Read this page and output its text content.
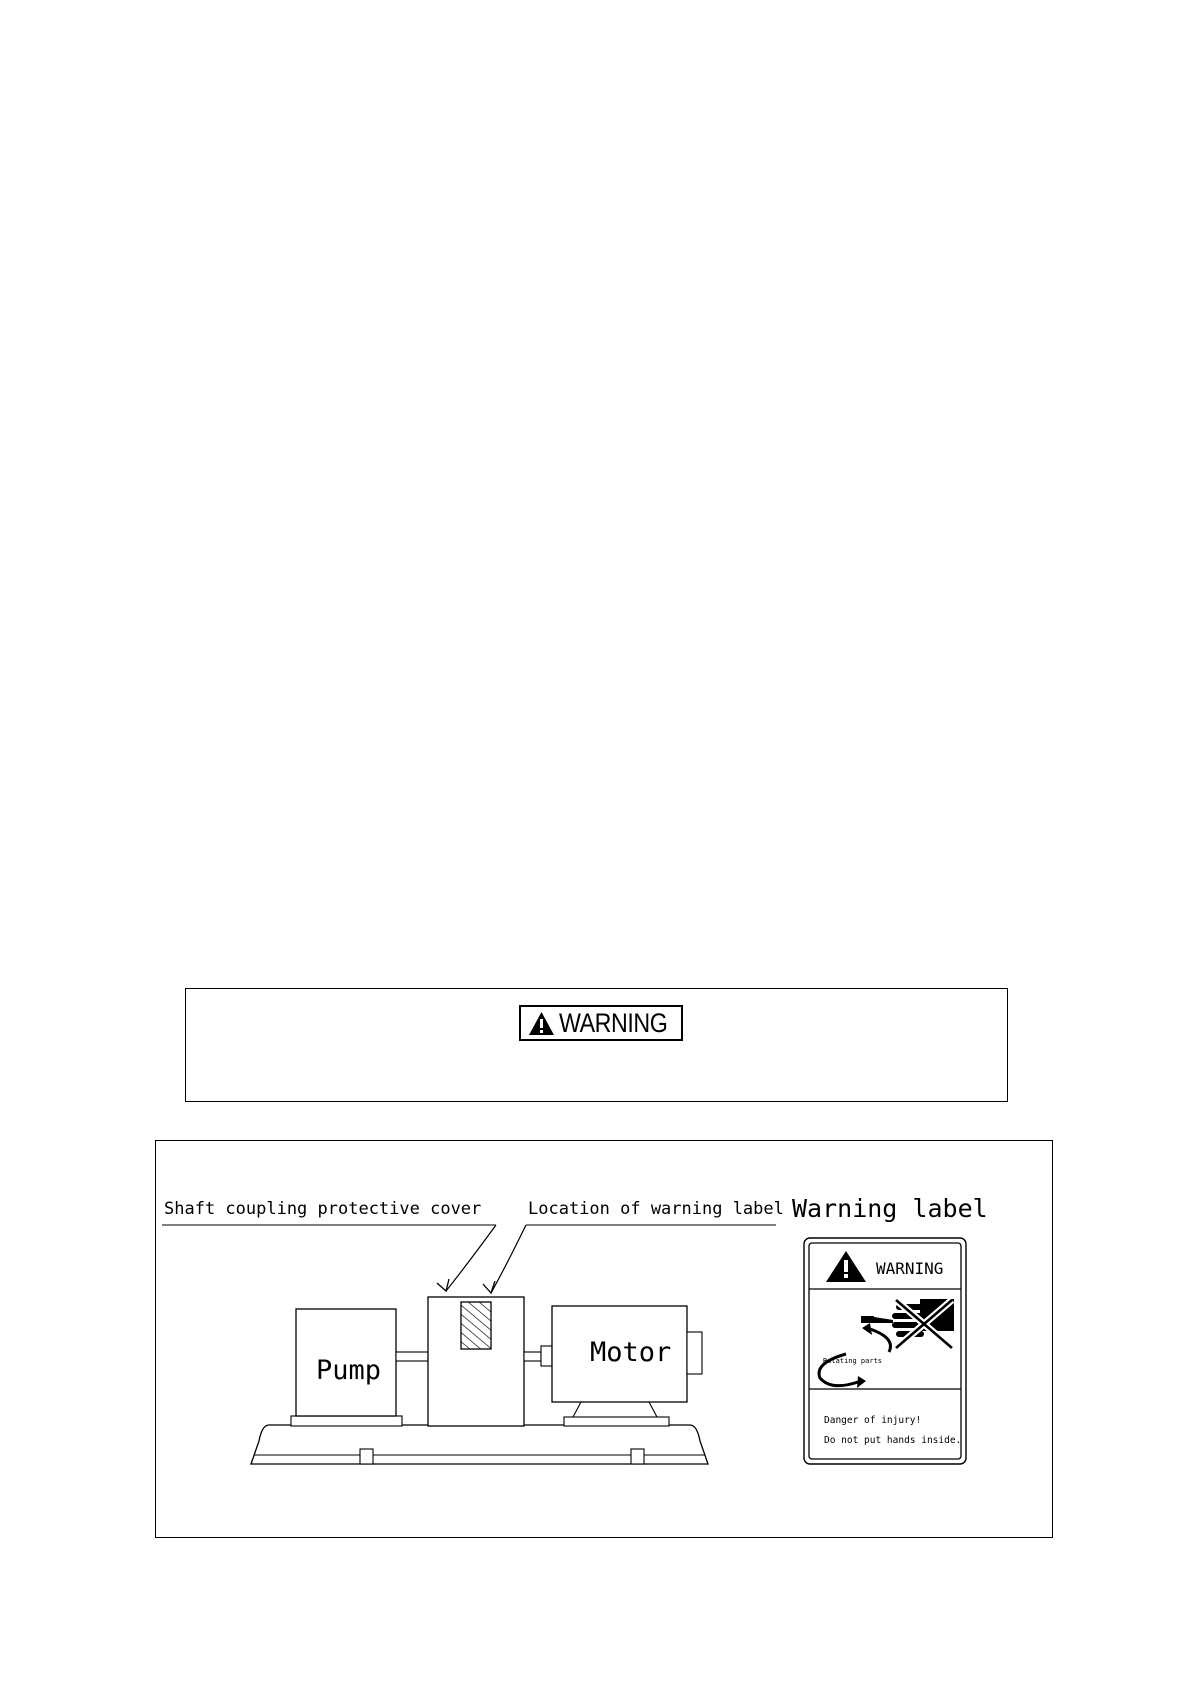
WARNING
Shaft coupling protective cover	Location of warning label
Pump
Motor
Warning label
WARNING
Rotating parts
Danger of injury!
Do not put hands inside.
